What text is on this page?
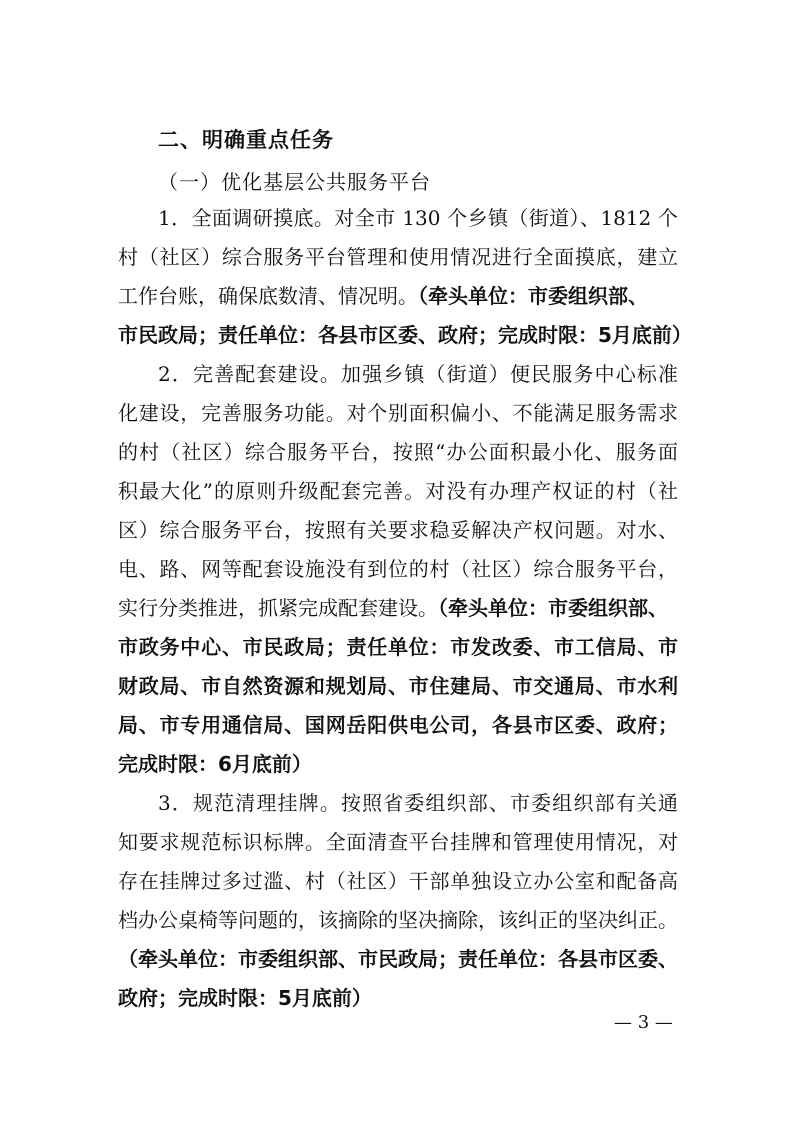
二、明确重点任务
（一）优化基层公共服务平台
1．全面调研摸底。对全市 130 个乡镇（街道）、1812 个
村（社区）综合服务平台管理和使用情况进行全面摸底，建立
工作台账，确保底数清、情况明。（牵头单位：市委组织部、
市民政局；责任单位：各县市区委、政府；完成时限：5月底前）
2．完善配套建设。加强乡镇（街道）便民服务中心标准
化建设，完善服务功能。对个别面积偏小、不能满足服务需求
的村（社区）综合服务平台，按照“办公面积最小化、服务面
积最大化”的原则升级配套完善。对没有办理产权证的村（社
区）综合服务平台，按照有关要求稳妥解决产权问题。对水、
电、路、网等配套设施没有到位的村（社区）综合服务平台，
实行分类推进，抓紧完成配套建设。（牵头单位：市委组织部、
市政务中心、市民政局；责任单位：市发改委、市工信局、市
财政局、市自然资源和规划局、市住建局、市交通局、市水利
局、市专用通信局、国网岳阳供电公司，各县市区委、政府；
完成时限：6月底前）
3．规范清理挂牌。按照省委组织部、市委组织部有关通
知要求规范标识标牌。全面清查平台挂牌和管理使用情况，对
存在挂牌过多过滥、村（社区）干部单独设立办公室和配备高
档办公桌椅等问题的，该摘除的坚决摘除，该纠正的坚决纠正。
（牵头单位：市委组织部、市民政局；责任单位：各县市区委、
政府；完成时限：5月底前）
— 3 —
